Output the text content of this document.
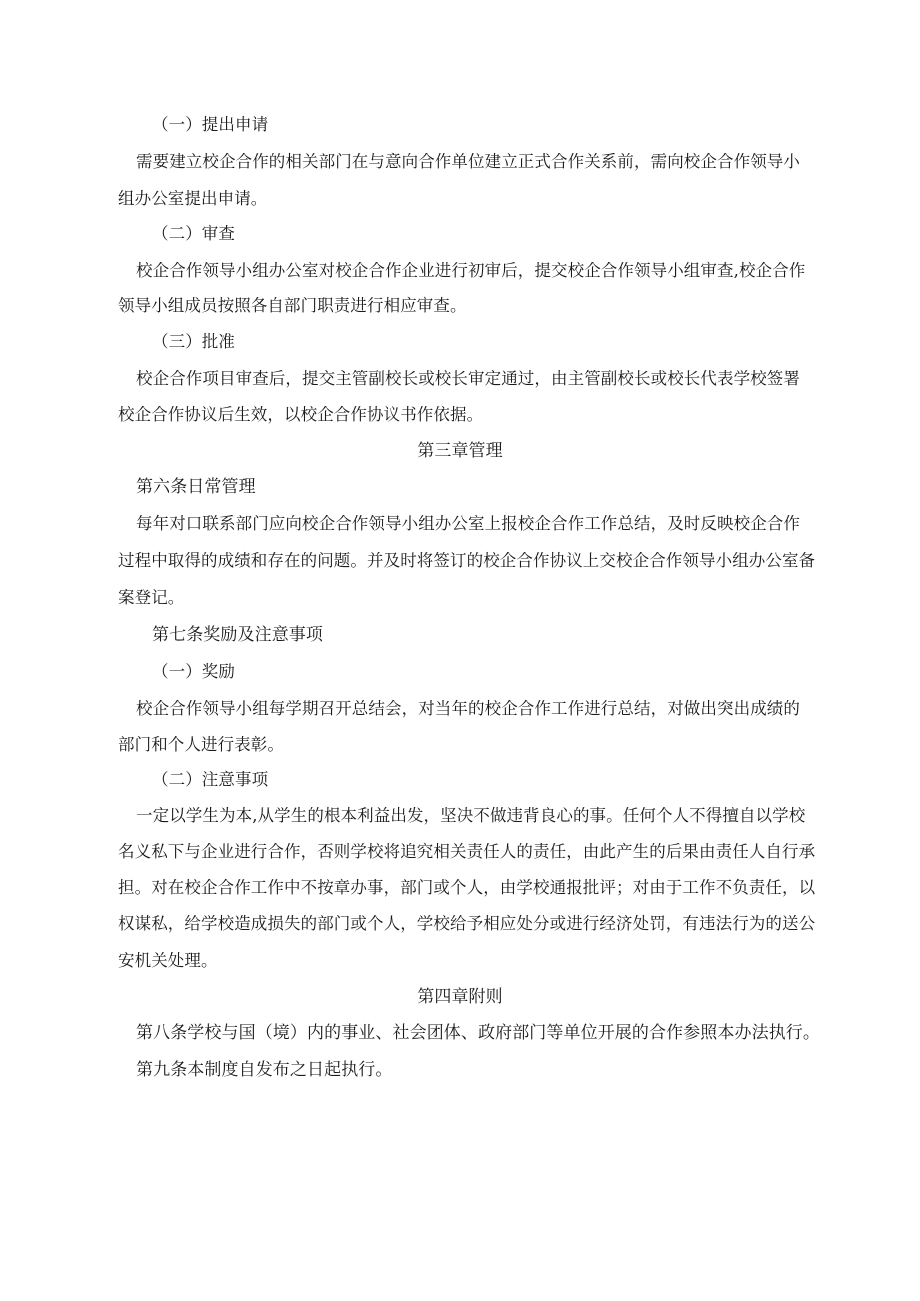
（一）提出申请

需要建立校企合作的相关部门在与意向合作单位建立正式合作关系前，需向校企合作领导小

组办公室提出申请。

（二）审查

校企合作领导小组办公室对校企合作企业进行初审后，提交校企合作领导小组审查,校企合作

领导小组成员按照各自部门职责进行相应审查。

（三）批准

校企合作项目审查后，提交主管副校长或校长审定通过，由主管副校长或校长代表学校签署

校企合作协议后生效，以校企合作协议书作依据。

第三章管理

第六条日常管理

每年对口联系部门应向校企合作领导小组办公室上报校企合作工作总结，及时反映校企合作

过程中取得的成绩和存在的问题。并及时将签订的校企合作协议上交校企合作领导小组办公室备

案登记。

第七条奖励及注意事项

（一）奖励

校企合作领导小组每学期召开总结会，对当年的校企合作工作进行总结，对做出突出成绩的

部门和个人进行表彰。

（二）注意事项

一定以学生为本,从学生的根本利益出发，坚决不做违背良心的事。任何个人不得擅自以学校

名义私下与企业进行合作，否则学校将追究相关责任人的责任，由此产生的后果由责任人自行承

担。对在校企合作工作中不按章办事，部门或个人，由学校通报批评；对由于工作不负责任，以

权谋私，给学校造成损失的部门或个人，学校给予相应处分或进行经济处罚，有违法行为的送公

安机关处理。

第四章附则

第八条学校与国（境）内的事业、社会团体、政府部门等单位开展的合作参照本办法执行。

第九条本制度自发布之日起执行。
